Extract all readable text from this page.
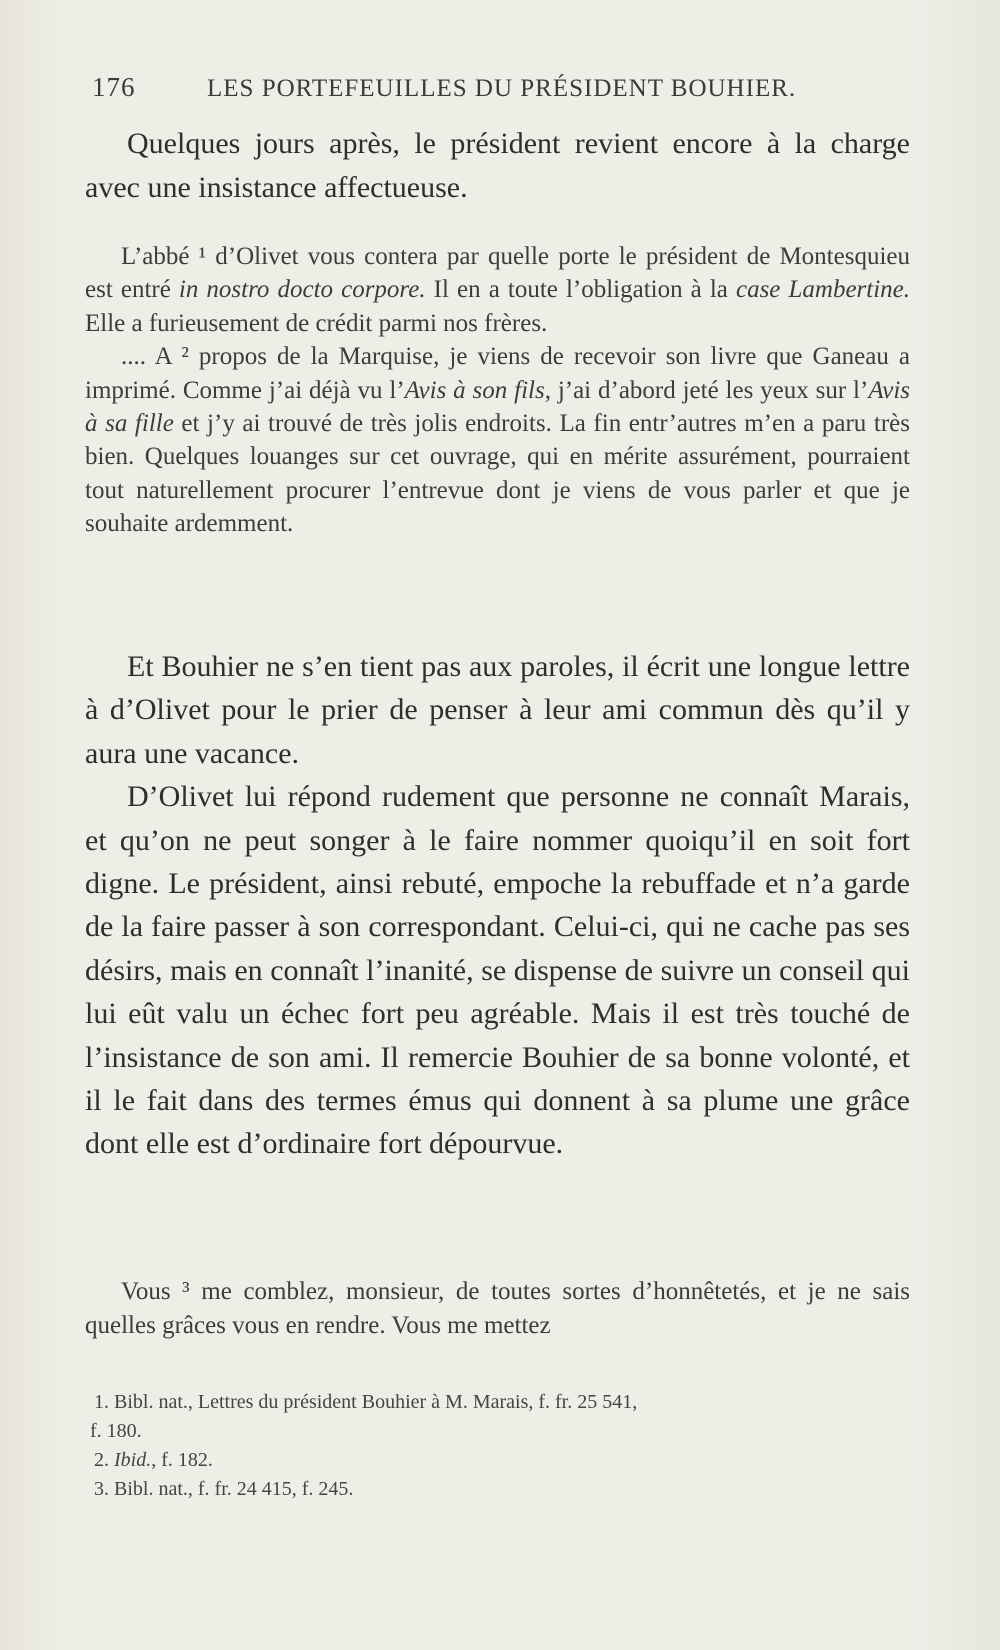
176	LES PORTEFEUILLES DU PRÉSIDENT BOUHIER.

Quelques jours après, le président revient encore à la charge avec une insistance affectueuse.

L’abbé ¹ d’Olivet vous contera par quelle porte le président de Montesquieu est entré in nostro docto corpore. Il en a toute l’obligation à la case Lambertine. Elle a furieusement de crédit parmi nos frères.

.... A ² propos de la Marquise, je viens de recevoir son livre que Ganeau a imprimé. Comme j’ai déjà vu l’Avis à son fils, j’ai d’abord jeté les yeux sur l’Avis à sa fille et j’y ai trouvé de très jolis endroits. La fin entr’autres m’en a paru très bien. Quelques louanges sur cet ouvrage, qui en mérite assurément, pourraient tout naturellement procurer l’entrevue dont je viens de vous parler et que je souhaite ardemment.

Et Bouhier ne s’en tient pas aux paroles, il écrit une longue lettre à d’Olivet pour le prier de penser à leur ami commun dès qu’il y aura une vacance.

D’Olivet lui répond rudement que personne ne connaît Marais, et qu’on ne peut songer à le faire nommer quoiqu’il en soit fort digne. Le président, ainsi rebuté, empoche la rebuffade et n’a garde de la faire passer à son correspondant. Celui-ci, qui ne cache pas ses désirs, mais en connaît l’inanité, se dispense de suivre un conseil qui lui eût valu un échec fort peu agréable. Mais il est très touché de l’insistance de son ami. Il remercie Bouhier de sa bonne volonté, et il le fait dans des termes émus qui donnent à sa plume une grâce dont elle est d’ordinaire fort dépourvue.

Vous ³ me comblez, monsieur, de toutes sortes d’honnêtetés, et je ne sais quelles grâces vous en rendre. Vous me mettez

1. Bibl. nat., Lettres du président Bouhier à M. Marais, f. fr. 25 541,
f. 180.
2. Ibid., f. 182.
3. Bibl. nat., f. fr. 24 415, f. 245.
